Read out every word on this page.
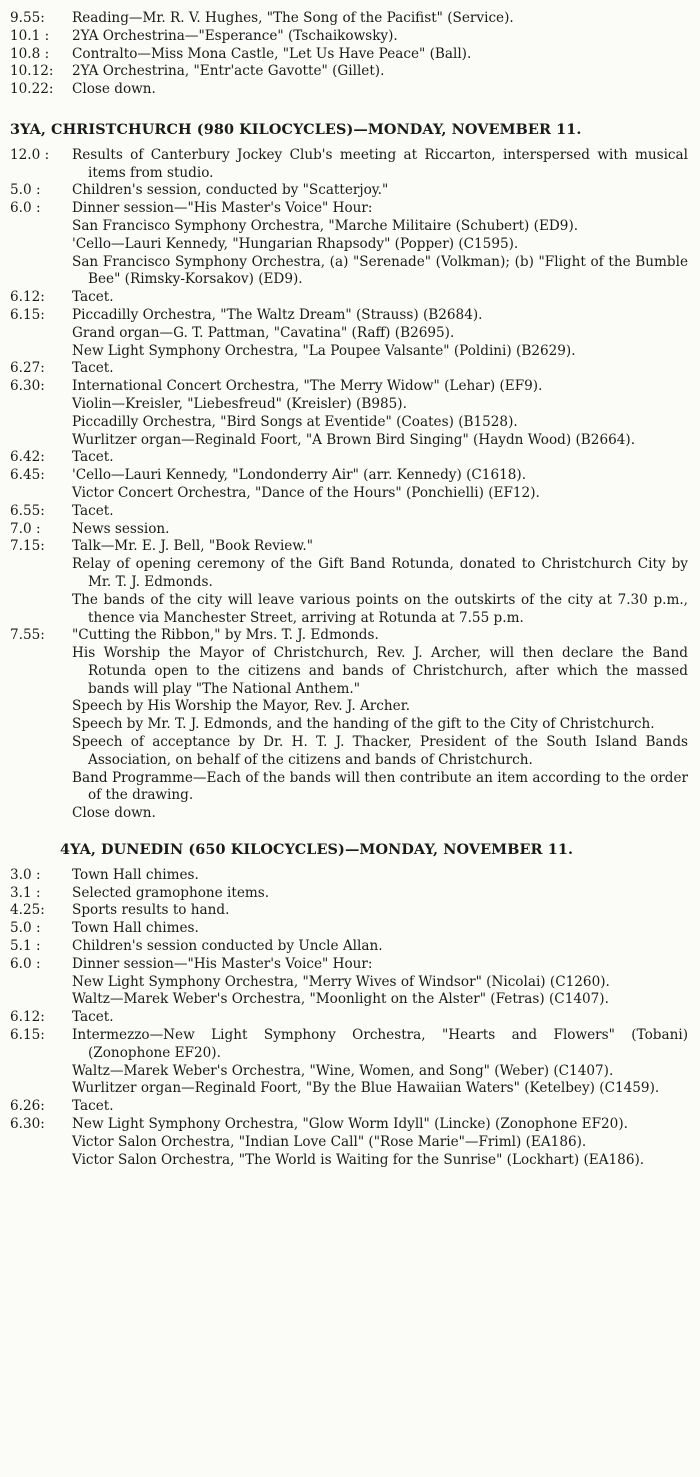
9.55:	Reading—Mr. R. V. Hughes, "The Song of the Pacifist" (Service).
10.1 :	2YA Orchestrina—"Esperance" (Tschaikowsky).
10.8 :	Contralto—Miss Mona Castle, "Let Us Have Peace" (Ball).
10.12:	2YA Orchestrina, "Entr'acte Gavotte" (Gillet).
10.22:	Close down.
3YA, CHRISTCHURCH (980 KILOCYCLES)—MONDAY, NOVEMBER 11.
12.0 :	Results of Canterbury Jockey Club's meeting at Riccarton, interspersed with musical items from studio.
5.0 :	Children's session, conducted by "Scatterjoy."
6.0 :	Dinner session—"His Master's Voice" Hour:
San Francisco Symphony Orchestra, "Marche Militaire (Schubert) (ED9).
'Cello—Lauri Kennedy, "Hungarian Rhapsody" (Popper) (C1595).
San Francisco Symphony Orchestra, (a) "Serenade" (Volkman); (b) "Flight of the Bumble Bee" (Rimsky-Korsakov) (ED9).
6.12:	Tacet.
6.15:	Piccadilly Orchestra, "The Waltz Dream" (Strauss) (B2684).
Grand organ—G. T. Pattman, "Cavatina" (Raff) (B2695).
New Light Symphony Orchestra, "La Poupee Valsante" (Poldini) (B2629).
6.27:	Tacet.
6.30:	International Concert Orchestra, "The Merry Widow" (Lehar) (EF9).
Violin—Kreisler, "Liebesfreud" (Kreisler) (B985).
Piccadilly Orchestra, "Bird Songs at Eventide" (Coates) (B1528).
Wurlitzer organ—Reginald Foort, "A Brown Bird Singing" (Haydn Wood) (B2664).
6.42:	Tacet.
6.45:	'Cello—Lauri Kennedy, "Londonderry Air" (arr. Kennedy) (C1618).
Victor Concert Orchestra, "Dance of the Hours" (Ponchielli) (EF12).
6.55:	Tacet.
7.0 :	News session.
7.15:	Talk—Mr. E. J. Bell, "Book Review."
Relay of opening ceremony of the Gift Band Rotunda, donated to Christchurch City by Mr. T. J. Edmonds.
The bands of the city will leave various points on the outskirts of the city at 7.30 p.m., thence via Manchester Street, arriving at Rotunda at 7.55 p.m.
7.55:	"Cutting the Ribbon," by Mrs. T. J. Edmonds.
His Worship the Mayor of Christchurch, Rev. J. Archer, will then declare the Band Rotunda open to the citizens and bands of Christchurch, after which the massed bands will play "The National Anthem."
Speech by His Worship the Mayor, Rev. J. Archer.
Speech by Mr. T. J. Edmonds, and the handing of the gift to the City of Christchurch.
Speech of acceptance by Dr. H. T. J. Thacker, President of the South Island Bands Association, on behalf of the citizens and bands of Christchurch.
Band Programme—Each of the bands will then contribute an item according to the order of the drawing.
Close down.
4YA, DUNEDIN (650 KILOCYCLES)—MONDAY, NOVEMBER 11.
3.0 :	Town Hall chimes.
3.1 :	Selected gramophone items.
4.25:	Sports results to hand.
5.0 :	Town Hall chimes.
5.1 :	Children's session conducted by Uncle Allan.
6.0 :	Dinner session—"His Master's Voice" Hour:
New Light Symphony Orchestra, "Merry Wives of Windsor" (Nicolai) (C1260).
Waltz—Marek Weber's Orchestra, "Moonlight on the Alster" (Fetras) (C1407).
6.12:	Tacet.
6.15:	Intermezzo—New Light Symphony Orchestra, "Hearts and Flowers" (Tobani) (Zonophone EF20).
Waltz—Marek Weber's Orchestra, "Wine, Women, and Song" (Weber) (C1407).
Wurlitzer organ—Reginald Foort, "By the Blue Hawaiian Waters" (Ketelbey) (C1459).
6.26:	Tacet.
6.30:	New Light Symphony Orchestra, "Glow Worm Idyll" (Lincke) (Zonophone EF20).
Victor Salon Orchestra, "Indian Love Call" ("Rose Marie"—Friml) (EA186).
Victor Salon Orchestra, "The World is Waiting for the Sunrise" (Lockhart) (EA186).
